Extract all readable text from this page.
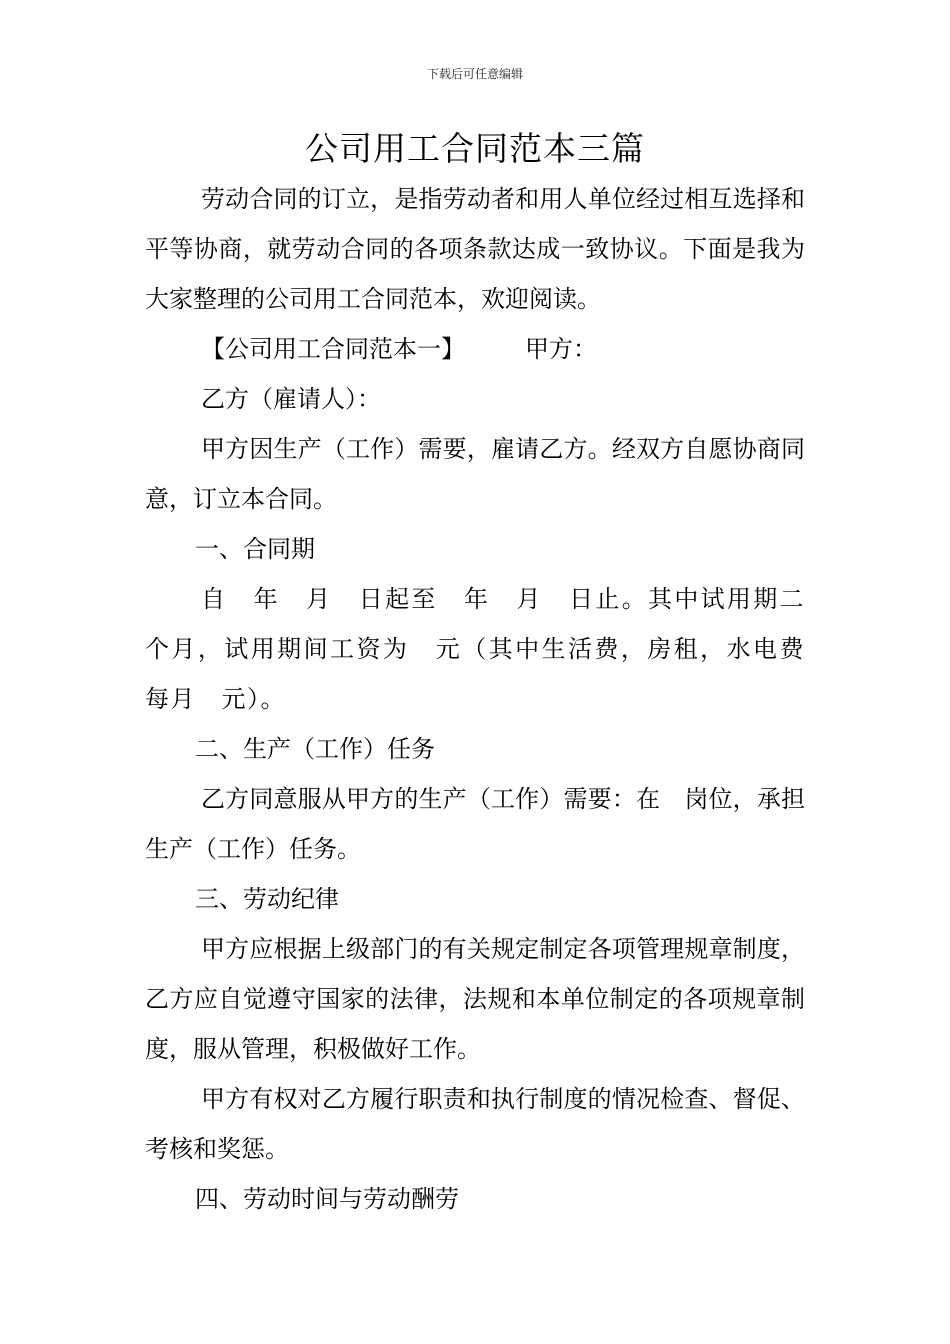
下载后可任意编辑
公司用工合同范本三篇

劳动合同的订立，是指劳动者和用人单位经过相互选择和平等协商，就劳动合同的各项条款达成一致协议。下面是我为大家整理的公司用工合同范本，欢迎阅读。

【公司用工合同范本一】	甲方：

乙方（雇请人）：

甲方因生产（工作）需要，雇请乙方。经双方自愿协商同意，订立本合同。

一、合同期

自　年　月　日起至　年　月　日止。其中试用期二个月，试用期间工资为　元（其中生活费，房租，水电费每月　元）。

二、生产（工作）任务

乙方同意服从甲方的生产（工作）需要：在　岗位，承担　生产（工作）任务。

三、劳动纪律

甲方应根据上级部门的有关规定制定各项管理规章制度，乙方应自觉遵守国家的法律，法规和本单位制定的各项规章制度，服从管理，积极做好工作。

甲方有权对乙方履行职责和执行制度的情况检查、督促、考核和奖惩。

四、劳动时间与劳动酬劳
